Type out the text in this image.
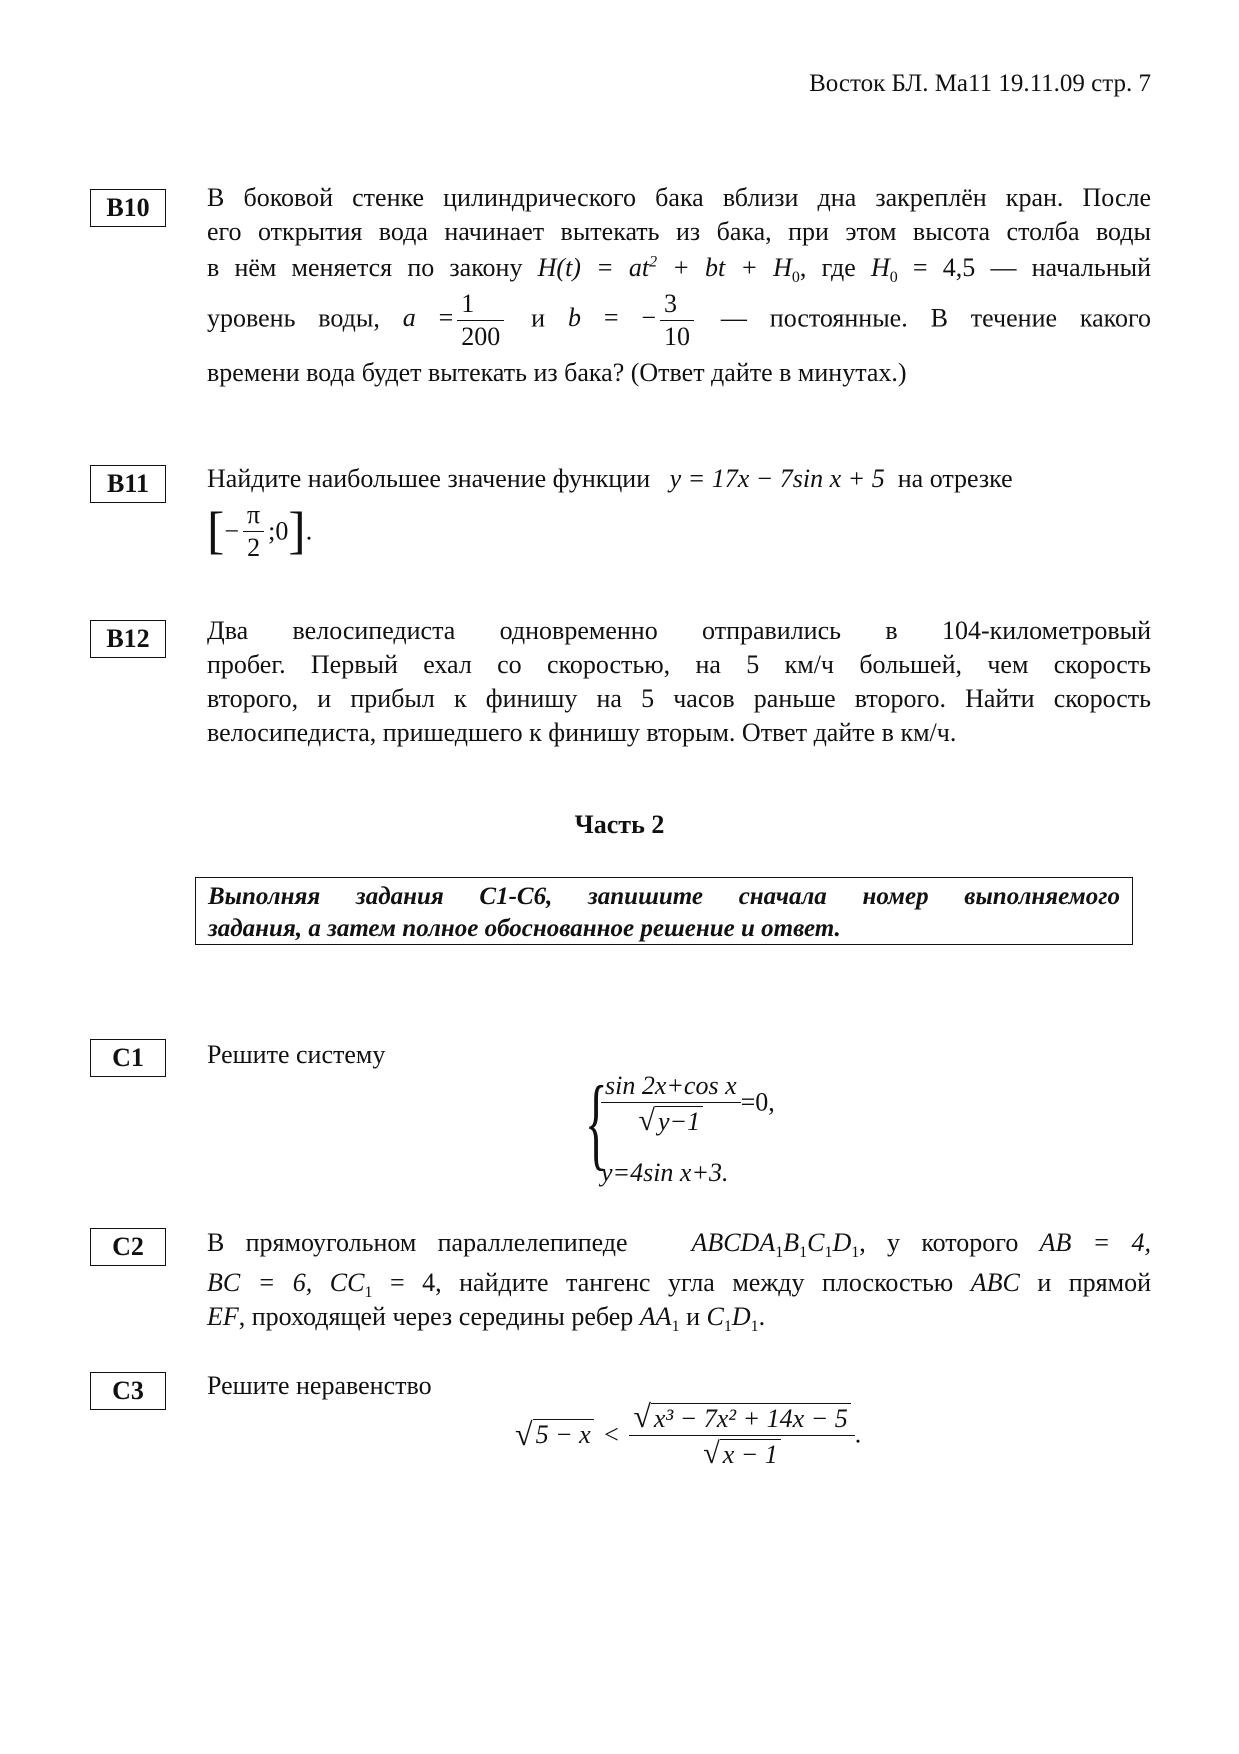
Восток БЛ. Ма11 19.11.09 стр. 7
B10	В боковой стенке цилиндрического бака вблизи дна закреплён кран. После
его открытия вода начинает вытекать из бака, при этом высота столба воды
в нём меняется по закону $H(t) = at^2$ + bt + $H_0$, где $H_0 = 4,5$ — начальный
уровень воды, $a = \frac{1}{200}$ и b = − $\frac{3}{10}$ — постоянные. В течение какого
времени вода будет вытекать из бака? (Ответ дайте в минутах.)
B11	Найдите наибольшее значение функции y = 17x − 7sin x + 5 на отрезке
[− $\frac{\pi}{2}$ ;0].
B12	Два велосипедиста одновременно отправились в 104-километровый
пробег. Первый ехал со скоростью, на 5 км/ч большей, чем скорость
второго, и прибыл к финишу на 5 часов раньше второго. Найти скорость
велосипедиста, пришедшего к финишу вторым. Ответ дайте в км/ч.
Часть 2
Выполняя задания С1-С6, запишите сначала номер выполняемого
задания, а затем полное обоснованное решение и ответ.
C1	Решите систему
{
$\frac{\text{sin 2x+cos x}}{√ y-1} =0$,
y=4sin x+3.
C2	В прямоугольном параллелепипеде $ABCDA_1B_1C_1D_1$, у которого AB = 4,
BC = 6, $CC_1 = 4$, найдите тангенс угла между плоскостью ABC и прямой
EF, проходящей через середины ребер $AA_1$ и $C_1D_1$.
C3	Решите неравенство
√ $5 - x < \frac{\text{√ x³ − 7x² + 14x − 5}}{√ x - 1}$ .
